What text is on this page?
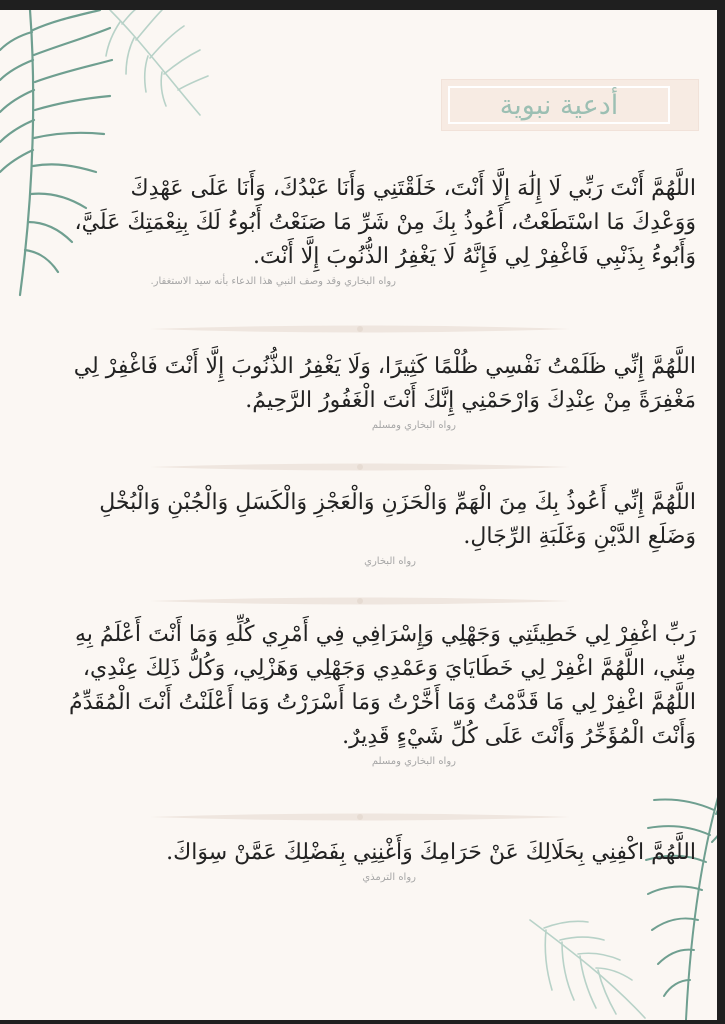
أدعية نبوية

اللَّهُمَّ أَنْتَ رَبِّي لَا إِلَٰهَ إِلَّا أَنْتَ، خَلَقْتَنِي وَأَنَا عَبْدُكَ، وَأَنَا عَلَى عَهْدِكَ وَوَعْدِكَ مَا اسْتَطَعْتُ، أَعُوذُ بِكَ مِنْ شَرِّ مَا صَنَعْتُ أَبُوءُ لَكَ بِنِعْمَتِكَ عَلَيَّ، وَأَبُوءُ بِذَنْبِي فَاغْفِرْ لِي فَإِنَّهُ لَا يَغْفِرُ الذُّنُوبَ إِلَّا أَنْتَ.

رواه البخاري وقد وصف النبي هذا الدعاء بأنه سيد الاستغفار.

اللَّهُمَّ إِنِّي ظَلَمْتُ نَفْسِي ظُلْمًا كَثِيرًا، وَلَا يَغْفِرُ الذُّنُوبَ إِلَّا أَنْتَ فَاغْفِرْ لِي مَغْفِرَةً مِنْ عِنْدِكَ وَارْحَمْنِي إِنَّكَ أَنْتَ الْغَفُورُ الرَّحِيمُ.

رواه البخاري ومسلم

اللَّهُمَّ إِنِّي أَعُوذُ بِكَ مِنَ الْهَمِّ وَالْحَزَنِ وَالْعَجْزِ وَالْكَسَلِ وَالْجُبْنِ وَالْبُخْلِ وَضَلَعِ الدَّيْنِ وَغَلَبَةِ الرِّجَالِ.

رواه البخاري

رَبِّ اغْفِرْ لِي خَطِيئَتِي وَجَهْلِي وَإِسْرَافِي فِي أَمْرِي كُلِّهِ وَمَا أَنْتَ أَعْلَمُ بِهِ مِنِّي، اللَّهُمَّ اغْفِرْ لِي خَطَايَايَ وَعَمْدِي وَجَهْلِي وَهَزْلِي، وَكُلُّ ذَلِكَ عِنْدِي، اللَّهُمَّ اغْفِرْ لِي مَا قَدَّمْتُ وَمَا أَخَّرْتُ وَمَا أَسْرَرْتُ وَمَا أَعْلَنْتُ أَنْتَ الْمُقَدِّمُ وَأَنْتَ الْمُؤَخِّرُ وَأَنْتَ عَلَى كُلِّ شَيْءٍ قَدِيرٌ.

رواه البخاري ومسلم

اللَّهُمَّ اكْفِنِي بِحَلَالِكَ عَنْ حَرَامِكَ وَأَغْنِنِي بِفَضْلِكَ عَمَّنْ سِوَاكَ.

رواه الترمذي
